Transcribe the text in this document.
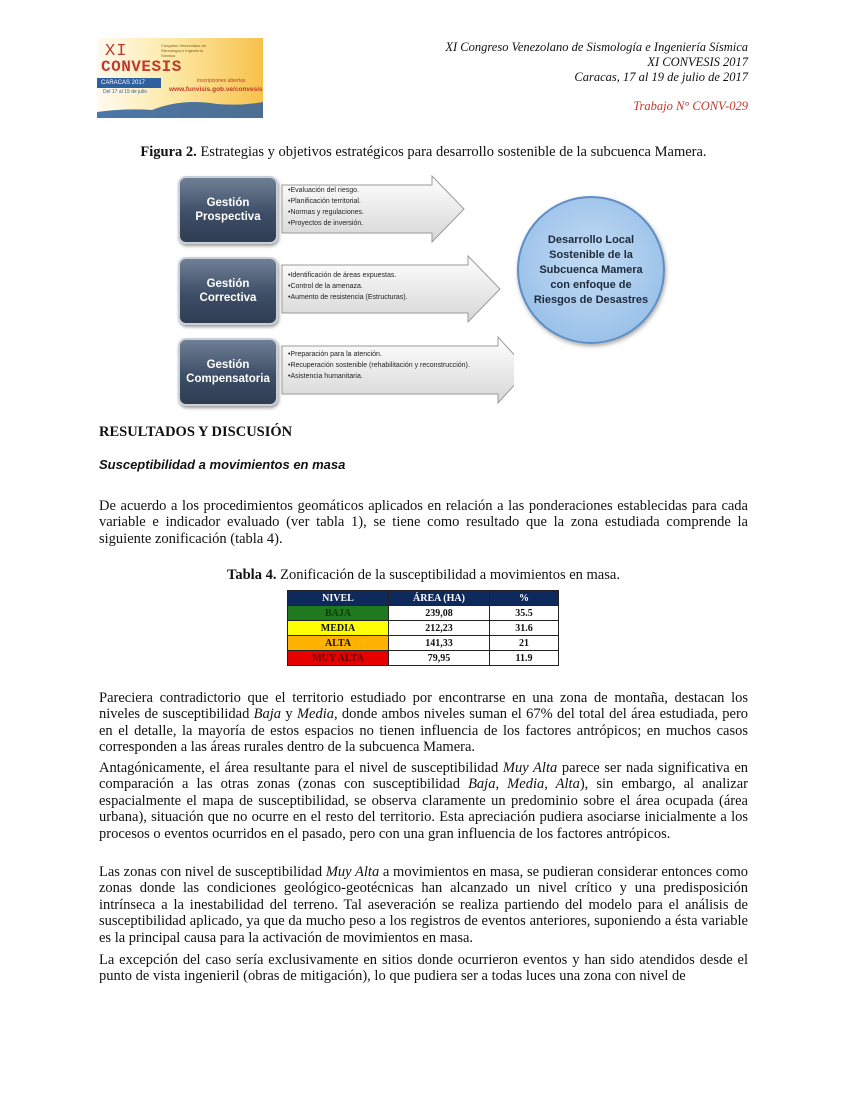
XI
CONVESIS
Congreso Venezolano de Sismología e Ingeniería Sísmica
CARACAS 2017
Del 17 al 19 de julio
Inscripciones abiertas
www.funvisis.gob.ve/convesis
XI Congreso Venezolano de Sismología e Ingeniería Sísmica
XI CONVESIS 2017
Caracas, 17 al 19 de julio de 2017
Trabajo N° CONV-029
Figura 2. Estrategias y objetivos estratégicos para desarrollo sostenible de la subcuenca Mamera.
Gestión
Prospectiva
Gestión
Correctiva
Gestión
Compensatoria
•Evaluación del riesgo.
•Planificación territorial.
•Normas y regulaciones.
•Proyectos de inversión.
•Identificación de áreas expuestas.
•Control de la amenaza.
•Aumento de resistencia (Estructuras).
•Preparación para la atención.
•Recuperación sostenible (rehabilitación y reconstrucción).
•Asistencia humanitaria.
Desarrollo Local Sostenible de la Subcuenca Mamera con enfoque de Riesgos de Desastres
RESULTADOS Y DISCUSIÓN
Susceptibilidad a movimientos en masa
De acuerdo a los procedimientos geomáticos aplicados en relación a las ponderaciones establecidas para cada variable e indicador evaluado (ver tabla 1), se tiene como resultado que la zona estudiada comprende la siguiente zonificación (tabla 4).
Tabla 4. Zonificación de la susceptibilidad a movimientos en masa.
NIVEL	ÁREA (HA)	%
BAJA	239,08	35.5
MEDIA	212,23	31.6
ALTA	141,33	21
MUY ALTA	79,95	11.9
Pareciera contradictorio que el territorio estudiado por encontrarse en una zona de montaña, destacan los niveles de susceptibilidad Baja y Media, donde ambos niveles suman el 67% del total del área estudiada, pero en el detalle, la mayoría de estos espacios no tienen influencia de los factores antrópicos; en muchos casos corresponden a las áreas rurales dentro de la subcuenca Mamera.
Antagónicamente, el área resultante para el nivel de susceptibilidad Muy Alta parece ser nada significativa en comparación a las otras zonas (zonas con susceptibilidad Baja, Media, Alta), sin embargo, al analizar espacialmente el mapa de susceptibilidad, se observa claramente un predominio sobre el área ocupada (área urbana), situación que no ocurre en el resto del territorio. Esta apreciación pudiera asociarse inicialmente a los procesos o eventos ocurridos en el pasado, pero con una gran influencia de los factores antrópicos.
Las zonas con nivel de susceptibilidad Muy Alta a movimientos en masa, se pudieran considerar entonces como zonas donde las condiciones geológico-geotécnicas han alcanzado un nivel crítico y una predisposición intrínseca a la inestabilidad del terreno. Tal aseveración se realiza partiendo del modelo para el análisis de susceptibilidad aplicado, ya que da mucho peso a los registros de eventos anteriores, suponiendo a ésta variable es la principal causa para la activación de movimientos en masa.
La excepción del caso sería exclusivamente en sitios donde ocurrieron eventos y han sido atendidos desde el punto de vista ingenieril (obras de mitigación), lo que pudiera ser a todas luces una zona con nivel de
